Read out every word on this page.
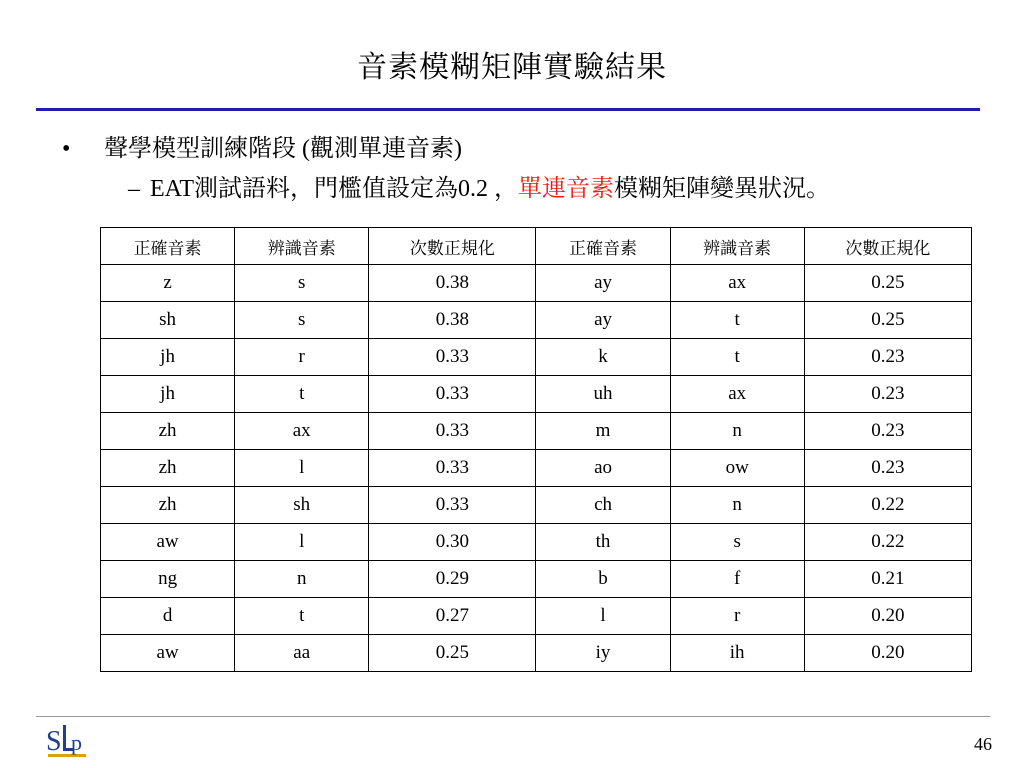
音素模糊矩陣實驗結果
•	聲學模型訓練階段 (觀測單連音素)
– EAT測試語料，門檻值設定為0.2 ， 單連音素 模糊矩陣變異狀況。
正確音素	辨識音素	次數正規化	正確音素	辨識音素	次數正規化
z	s	0.38	ay	ax	0.25
sh	s	0.38	ay	t	0.25
jh	r	0.33	k	t	0.23
jh	t	0.33	uh	ax	0.23
zh	ax	0.33	m	n	0.23
zh	l	0.33	ao	ow	0.23
zh	sh	0.33	ch	n	0.22
aw	l	0.30	th	s	0.22
ng	n	0.29	b	f	0.21
d	t	0.27	l	r	0.20
aw	aa	0.25	iy	ih	0.20
S p	46
